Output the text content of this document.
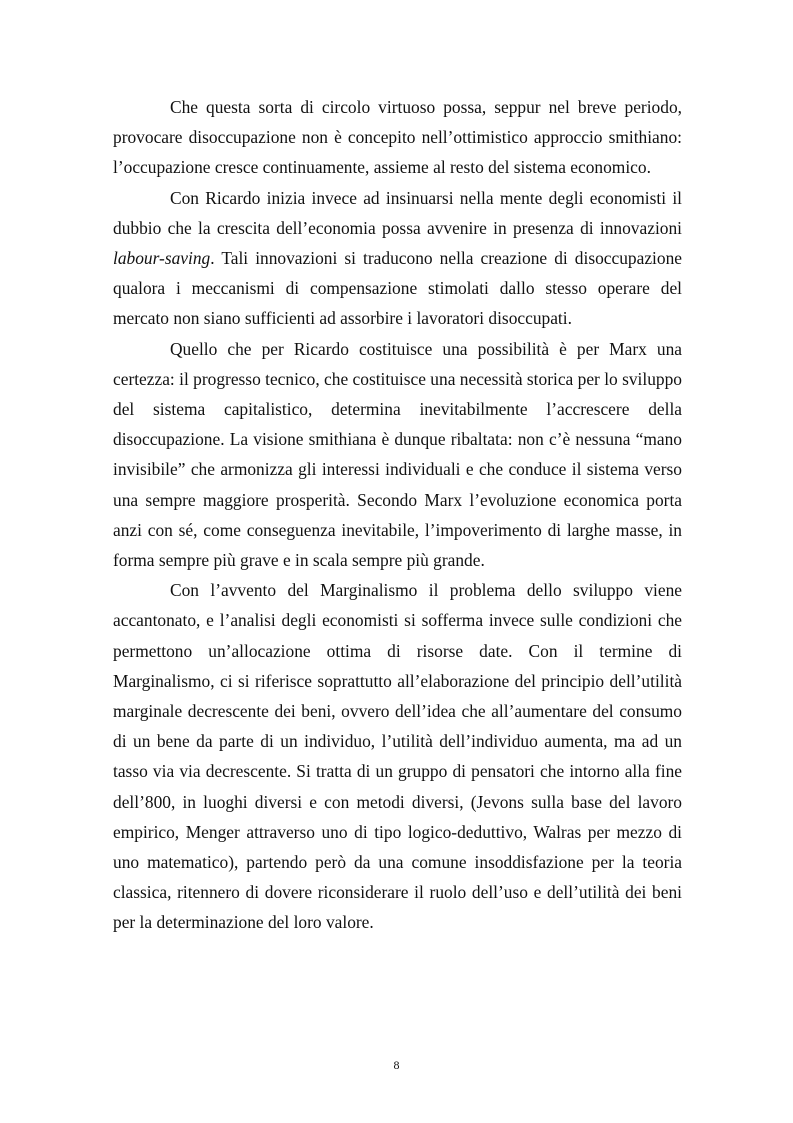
Che questa sorta di circolo virtuoso possa, seppur nel breve periodo, provocare disoccupazione non è concepito nell’ottimistico approccio smithiano: l’occupazione cresce continuamente, assieme al resto del sistema economico.

Con Ricardo inizia invece ad insinuarsi nella mente degli economisti il dubbio che la crescita dell’economia possa avvenire in presenza di innovazioni labour-saving. Tali innovazioni si traducono nella creazione di disoccupazione qualora i meccanismi di compensazione stimolati dallo stesso operare del mercato non siano sufficienti ad assorbire i lavoratori disoccupati.

Quello che per Ricardo costituisce una possibilità è per Marx una certezza: il progresso tecnico, che costituisce una necessità storica per lo sviluppo del sistema capitalistico, determina inevitabilmente l’accrescere della disoccupazione. La visione smithiana è dunque ribaltata: non c’è nessuna “mano invisibile” che armonizza gli interessi individuali e che conduce il sistema verso una sempre maggiore prosperità. Secondo Marx l’evoluzione economica porta anzi con sé, come conseguenza inevitabile, l’impoverimento di larghe masse, in forma sempre più grave e in scala sempre più grande.

Con l’avvento del Marginalismo il problema dello sviluppo viene accantonato, e l’analisi degli economisti si sofferma invece sulle condizioni che permettono un’allocazione ottima di risorse date. Con il termine di Marginalismo, ci si riferisce soprattutto all’elaborazione del principio dell’utilità marginale decrescente dei beni, ovvero dell’idea che all’aumentare del consumo di un bene da parte di un individuo, l’utilità dell’individuo aumenta, ma ad un tasso via via decrescente. Si tratta di un gruppo di pensatori che intorno alla fine dell’800, in luoghi diversi e con metodi diversi, (Jevons sulla base del lavoro empirico, Menger attraverso uno di tipo logico-deduttivo, Walras per mezzo di uno matematico), partendo però da una comune insoddisfazione per la teoria classica, ritennero di dovere riconsiderare il ruolo dell’uso e dell’utilità dei beni per la determinazione del loro valore.

8
